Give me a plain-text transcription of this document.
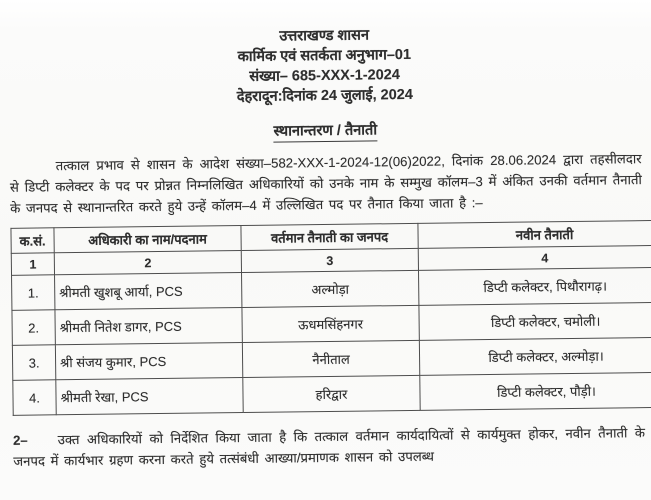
उत्तराखण्ड शासन
कार्मिक एवं सतर्कता अनुभाग–01
संख्या– 685-XXX-1-2024
देहरादून:दिनांक 24 जुलाई, 2024
स्थानान्तरण / तैनाती

तत्काल प्रभाव से शासन के आदेश संख्या–582-XXX-1-2024-12(06)2022, दिनांक 28.06.2024 द्वारा तहसीलदार से डिप्टी कलेक्टर के पद पर प्रोन्नत निम्नलिखित अधिकारियों को उनके नाम के सम्मुख कॉलम–3 में अंकित उनकी वर्तमान तैनाती के जनपद से स्थानान्तरित करते हुये उन्हें कॉलम–4 में उल्लिखित पद पर तैनात किया जाता है :–

क.सं.	अधिकारी का नाम/पदनाम	वर्तमान तैनाती का जनपद	नवीन तैनाती
1	2	3	4
1.	श्रीमती खुशबू आर्या, PCS	अल्मोड़ा	डिप्टी कलेक्टर, पिथौरागढ़।
2.	श्रीमती नितेश डागर, PCS	ऊधमसिंहनगर	डिप्टी कलेक्टर, चमोली।
3.	श्री संजय कुमार, PCS	नैनीताल	डिप्टी कलेक्टर, अल्मोड़ा।
4.	श्रीमती रेखा, PCS	हरिद्वार	डिप्टी कलेक्टर, पौड़ी।

2– उक्त अधिकारियों को निर्देशित किया जाता है कि तत्काल वर्तमान कार्यदायित्वों से कार्यमुक्त होकर, नवीन तैनाती के जनपद में कार्यभार ग्रहण करना करते हुये तत्संबंधी आख्या/प्रमाणक शासन को उपलब्ध
